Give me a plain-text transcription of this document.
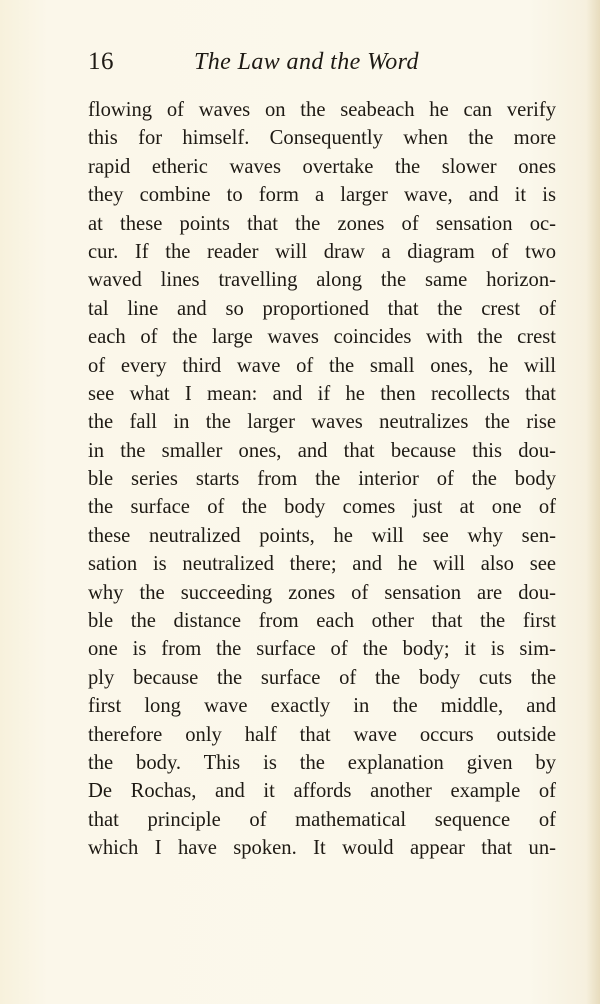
16	The Law and the Word
flowing of waves on the seabeach he can verify
this for himself. Consequently when the more
rapid etheric waves overtake the slower ones
they combine to form a larger wave, and it is
at these points that the zones of sensation oc-
cur. If the reader will draw a diagram of two
waved lines travelling along the same horizon-
tal line and so proportioned that the crest of
each of the large waves coincides with the crest
of every third wave of the small ones, he will
see what I mean: and if he then recollects that
the fall in the larger waves neutralizes the rise
in the smaller ones, and that because this dou-
ble series starts from the interior of the body
the surface of the body comes just at one of
these neutralized points, he will see why sen-
sation is neutralized there; and he will also see
why the succeeding zones of sensation are dou-
ble the distance from each other that the first
one is from the surface of the body; it is sim-
ply because the surface of the body cuts the
first long wave exactly in the middle, and
therefore only half that wave occurs outside
the body. This is the explanation given by
De Rochas, and it affords another example of
that principle of mathematical sequence of
which I have spoken. It would appear that un-
